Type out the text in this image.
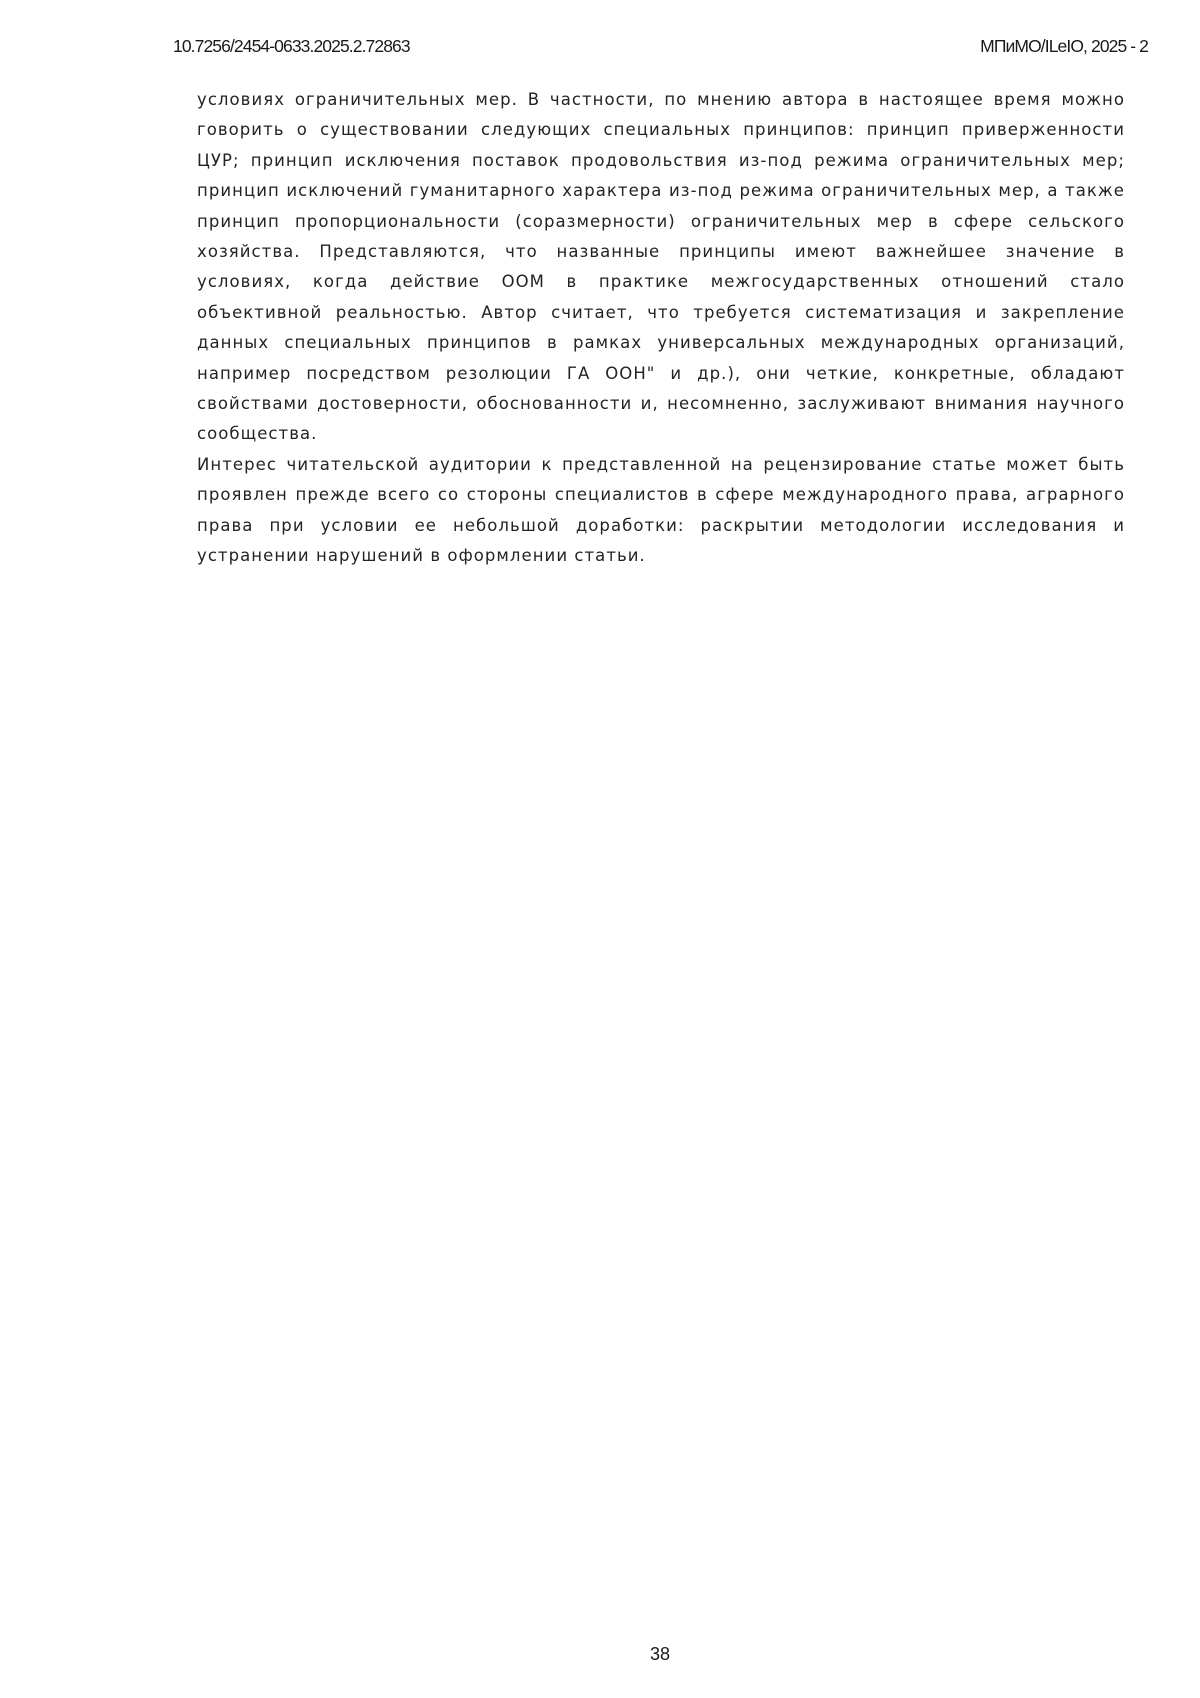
10.7256/2454-0633.2025.2.72863	МПиМО/ILeIO, 2025 - 2

условиях ограничительных мер. В частности, по мнению автора в настоящее время можно говорить о существовании следующих специальных принципов: принцип приверженности ЦУР; принцип исключения поставок продовольствия из-под режима ограничительных мер; принцип исключений гуманитарного характера из-под режима ограничительных мер, а также принцип пропорциональности (соразмерности) ограничительных мер в сфере сельского хозяйства. Представляются, что названные принципы имеют важнейшее значение в условиях, когда действие ООМ в практике межгосударственных отношений стало объективной реальностью. Автор считает, что требуется систематизация и закрепление данных специальных принципов в рамках универсальных международных организаций, например посредством резолюции ГА ООН" и др.), они четкие, конкретные, обладают свойствами достоверности, обоснованности и, несомненно, заслуживают внимания научного сообщества.

Интерес читательской аудитории к представленной на рецензирование статье может быть проявлен прежде всего со стороны специалистов в сфере международного права, аграрного права при условии ее небольшой доработки: раскрытии методологии исследования и устранении нарушений в оформлении статьи.

38
